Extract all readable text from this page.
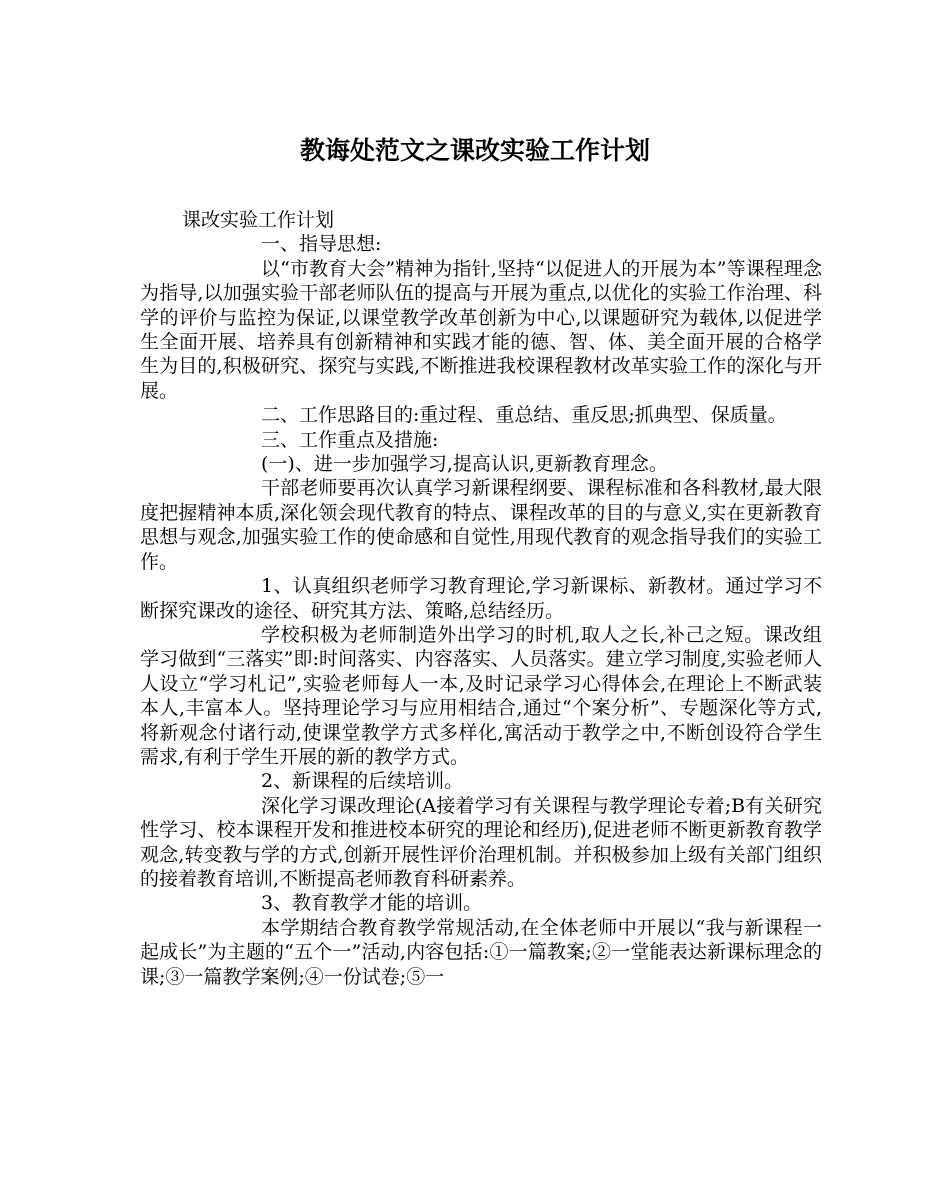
教诲处范文之课改实验工作计划

课改实验工作计划

一、指导思想:

以“市教育大会”精神为指针,坚持“以促进人的开展为本”等课程理念为指导,以加强实验干部老师队伍的提高与开展为重点,以优化的实验工作治理、科学的评价与监控为保证,以课堂教学改革创新为中心,以课题研究为载体,以促进学生全面开展、培养具有创新精神和实践才能的德、智、体、美全面开展的合格学生为目的,积极研究、探究与实践,不断推进我校课程教材改革实验工作的深化与开展。

二、工作思路目的:重过程、重总结、重反思;抓典型、保质量。

三、工作重点及措施:

(一)、进一步加强学习,提高认识,更新教育理念。

干部老师要再次认真学习新课程纲要、课程标准和各科教材,最大限度把握精神本质,深化领会现代教育的特点、课程改革的目的与意义,实在更新教育思想与观念,加强实验工作的使命感和自觉性,用现代教育的观念指导我们的实验工作。

1、认真组织老师学习教育理论,学习新课标、新教材。通过学习不断探究课改的途径、研究其方法、策略,总结经历。

学校积极为老师制造外出学习的时机,取人之长,补己之短。课改组学习做到“三落实”即:时间落实、内容落实、人员落实。建立学习制度,实验老师人人设立“学习札记”,实验老师每人一本,及时记录学习心得体会,在理论上不断武装本人,丰富本人。坚持理论学习与应用相结合,通过“个案分析”、专题深化等方式,将新观念付诸行动,使课堂教学方式多样化,寓活动于教学之中,不断创设符合学生需求,有利于学生开展的新的教学方式。

2、新课程的后续培训。

深化学习课改理论(A接着学习有关课程与教学理论专着;B有关研究性学习、校本课程开发和推进校本研究的理论和经历),促进老师不断更新教育教学观念,转变教与学的方式,创新开展性评价治理机制。并积极参加上级有关部门组织的接着教育培训,不断提高老师教育科研素养。

3、教育教学才能的培训。

本学期结合教育教学常规活动,在全体老师中开展以“我与新课程一起成长”为主题的“五个一”活动,内容包括:①一篇教案;②一堂能表达新课标理念的课;③一篇教学案例;④一份试卷;⑤一
